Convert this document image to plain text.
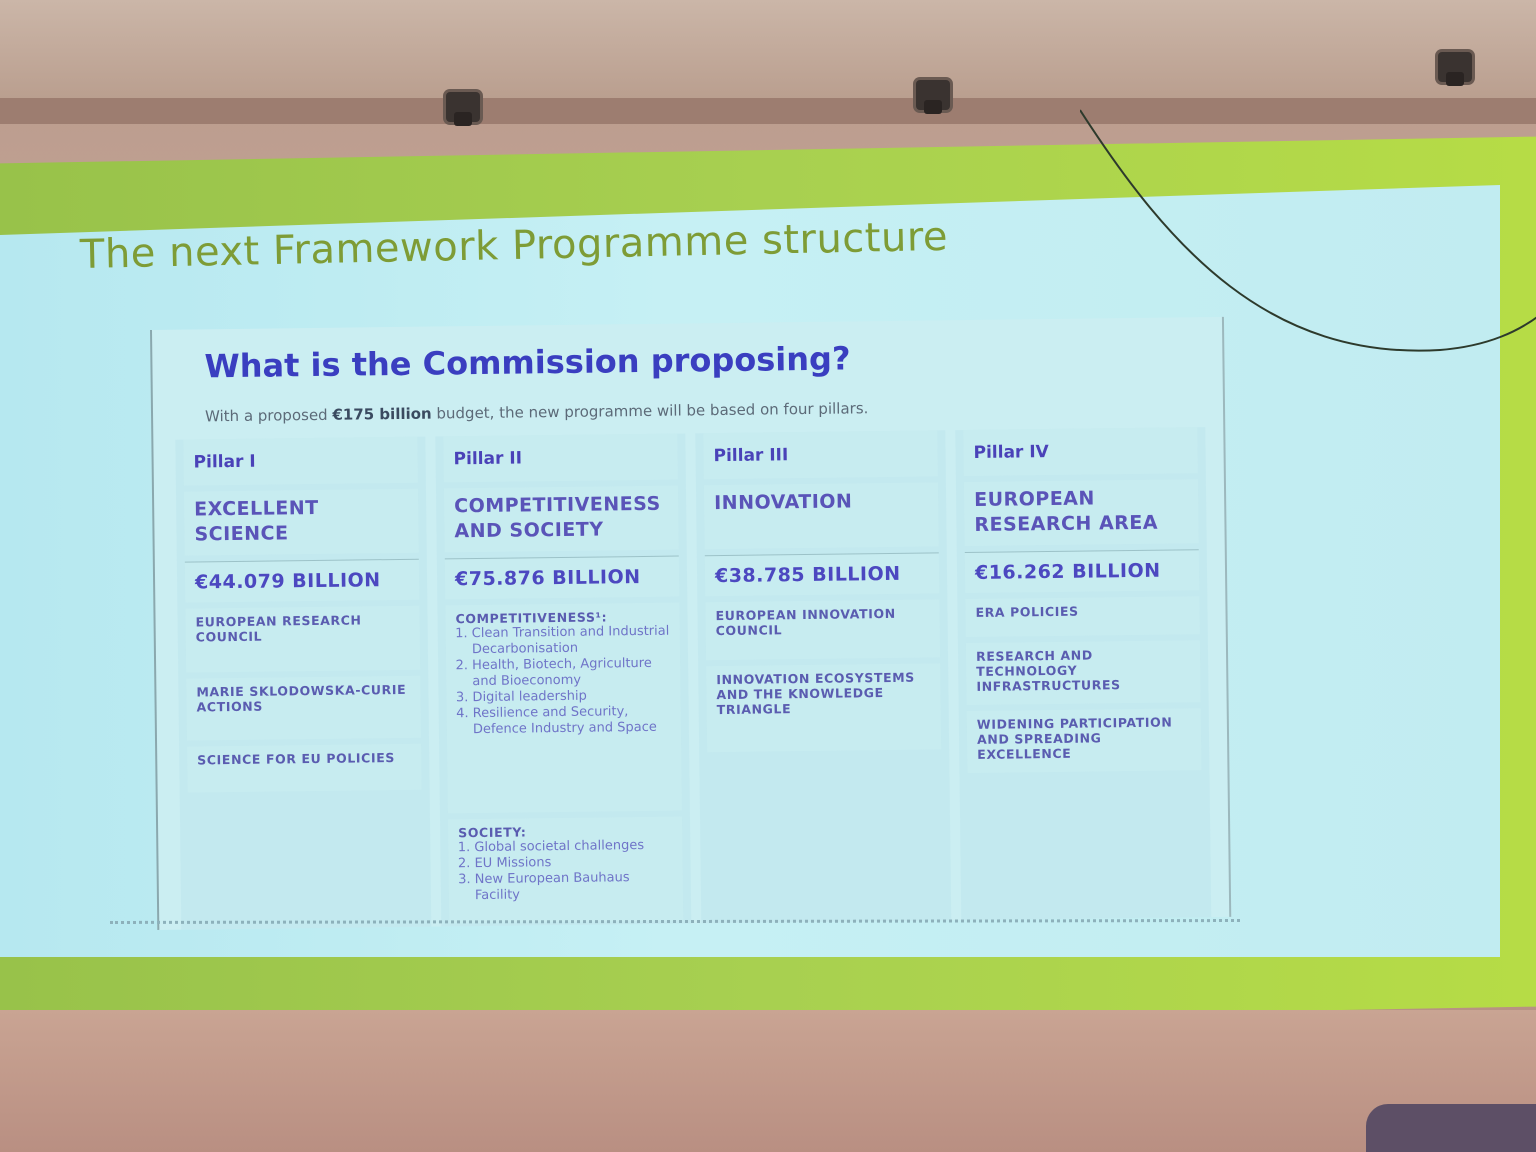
The next Framework Programme structure
What is the Commission proposing?

With a proposed €175 billion budget, the new programme will be based on four pillars.

Pillar I
EXCELLENT SCIENCE
€44.079 BILLION
EUROPEAN RESEARCH COUNCIL
MARIE SKLODOWSKA-CURIE ACTIONS
SCIENCE FOR EU POLICIES
Pillar II
COMPETITIVENESS AND SOCIETY
€75.876 BILLION
COMPETITIVENESS¹:
1. Clean Transition and Industrial Decarbonisation
2. Health, Biotech, Agriculture and Bioeconomy
3. Digital leadership
4. Resilience and Security, Defence Industry and Space
SOCIETY:
1. Global societal challenges
2. EU Missions
3. New European Bauhaus Facility
Pillar III
INNOVATION
€38.785 BILLION
EUROPEAN INNOVATION COUNCIL
INNOVATION ECOSYSTEMS AND THE KNOWLEDGE TRIANGLE
Pillar IV
EUROPEAN RESEARCH AREA
€16.262 BILLION
ERA POLICIES
RESEARCH AND TECHNOLOGY INFRASTRUCTURES
WIDENING PARTICIPATION AND SPREADING EXCELLENCE
